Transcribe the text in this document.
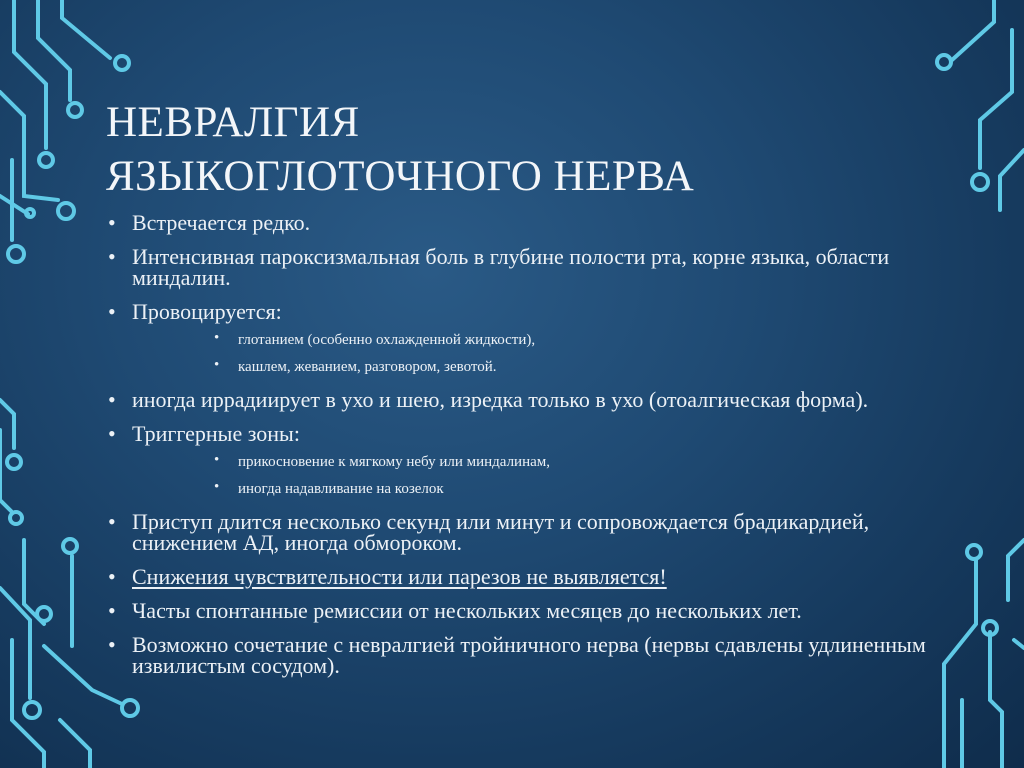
НЕВРАЛГИЯ
ЯЗЫКОГЛОТОЧНОГО НЕРВА
• Встречается редко.
• Интенсивная пароксизмальная боль в глубине полости рта, корне языка, области миндалин.
• Провоцируется:
• глотанием (особенно охлажденной жидкости),
• кашлем, жеванием, разговором, зевотой.
• иногда иррадиирует в ухо и шею, изредка только в ухо (отоалгическая форма).
• Триггерные зоны:
• прикосновение к мягкому небу или миндалинам,
• иногда надавливание на козелок
• Приступ длится несколько секунд или минут и сопровождается брадикардией, снижением АД, иногда обмороком.
• Снижения чувствительности или парезов не выявляется!
• Часты спонтанные ремиссии от нескольких месяцев до нескольких лет.
• Возможно сочетание с невралгией тройничного нерва (нервы сдавлены удлиненным извилистым сосудом).
